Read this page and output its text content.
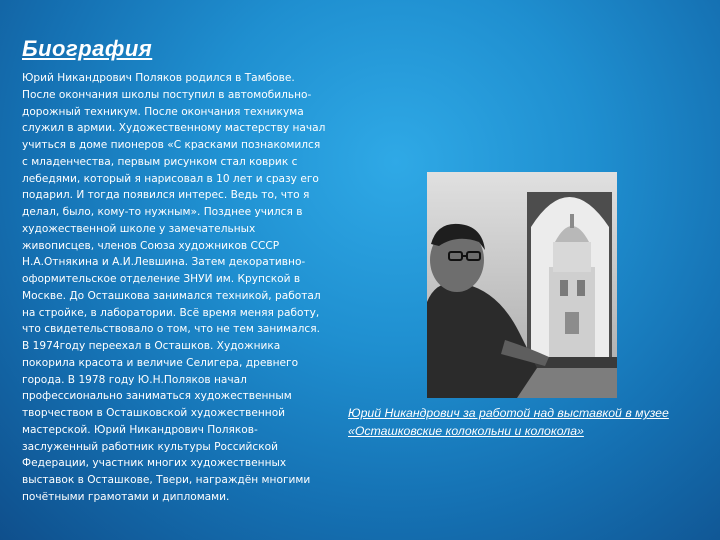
Биография

Юрий Никандрович Поляков родился в Тамбове.
После окончания школы поступил в автомобильно-
дорожный техникум. После окончания техникума
служил в армии. Художественному мастерству начал
учиться в доме пионеров «С красками познакомился
с младенчества, первым рисунком стал коврик с
лебедями, который я нарисовал в 10 лет и сразу его
подарил. И тогда появился интерес. Ведь то, что я
делал, было, кому-то нужным». Позднее учился в
художественной школе у замечательных
живописцев, членов Союза художников СССР
Н.А.Отнякина и А.И.Левшина. Затем декоративно-
оформительское отделение ЗНУИ им. Крупской в
Москве. До Осташкова занимался техникой, работал
на стройке, в лаборатории. Всё время меняя работу,
что свидетельствовало о том, что не тем занимался.
В 1974году переехал в Осташков. Художника
покорила красота и величие Селигера, древнего
города. В 1978 году Ю.Н.Поляков начал
профессионально заниматься художественным
творчеством в Осташковской художественной
мастерской. Юрий Никандрович Поляков-
заслуженный работник культуры Российской
Федерации, участник многих художественных
выставок в Осташкове, Твери, награждён многими
почётными грамотами и дипломами.

Юрий Никандрович за работой над выставкой в музее «Осташковские колокольни и колокола»
